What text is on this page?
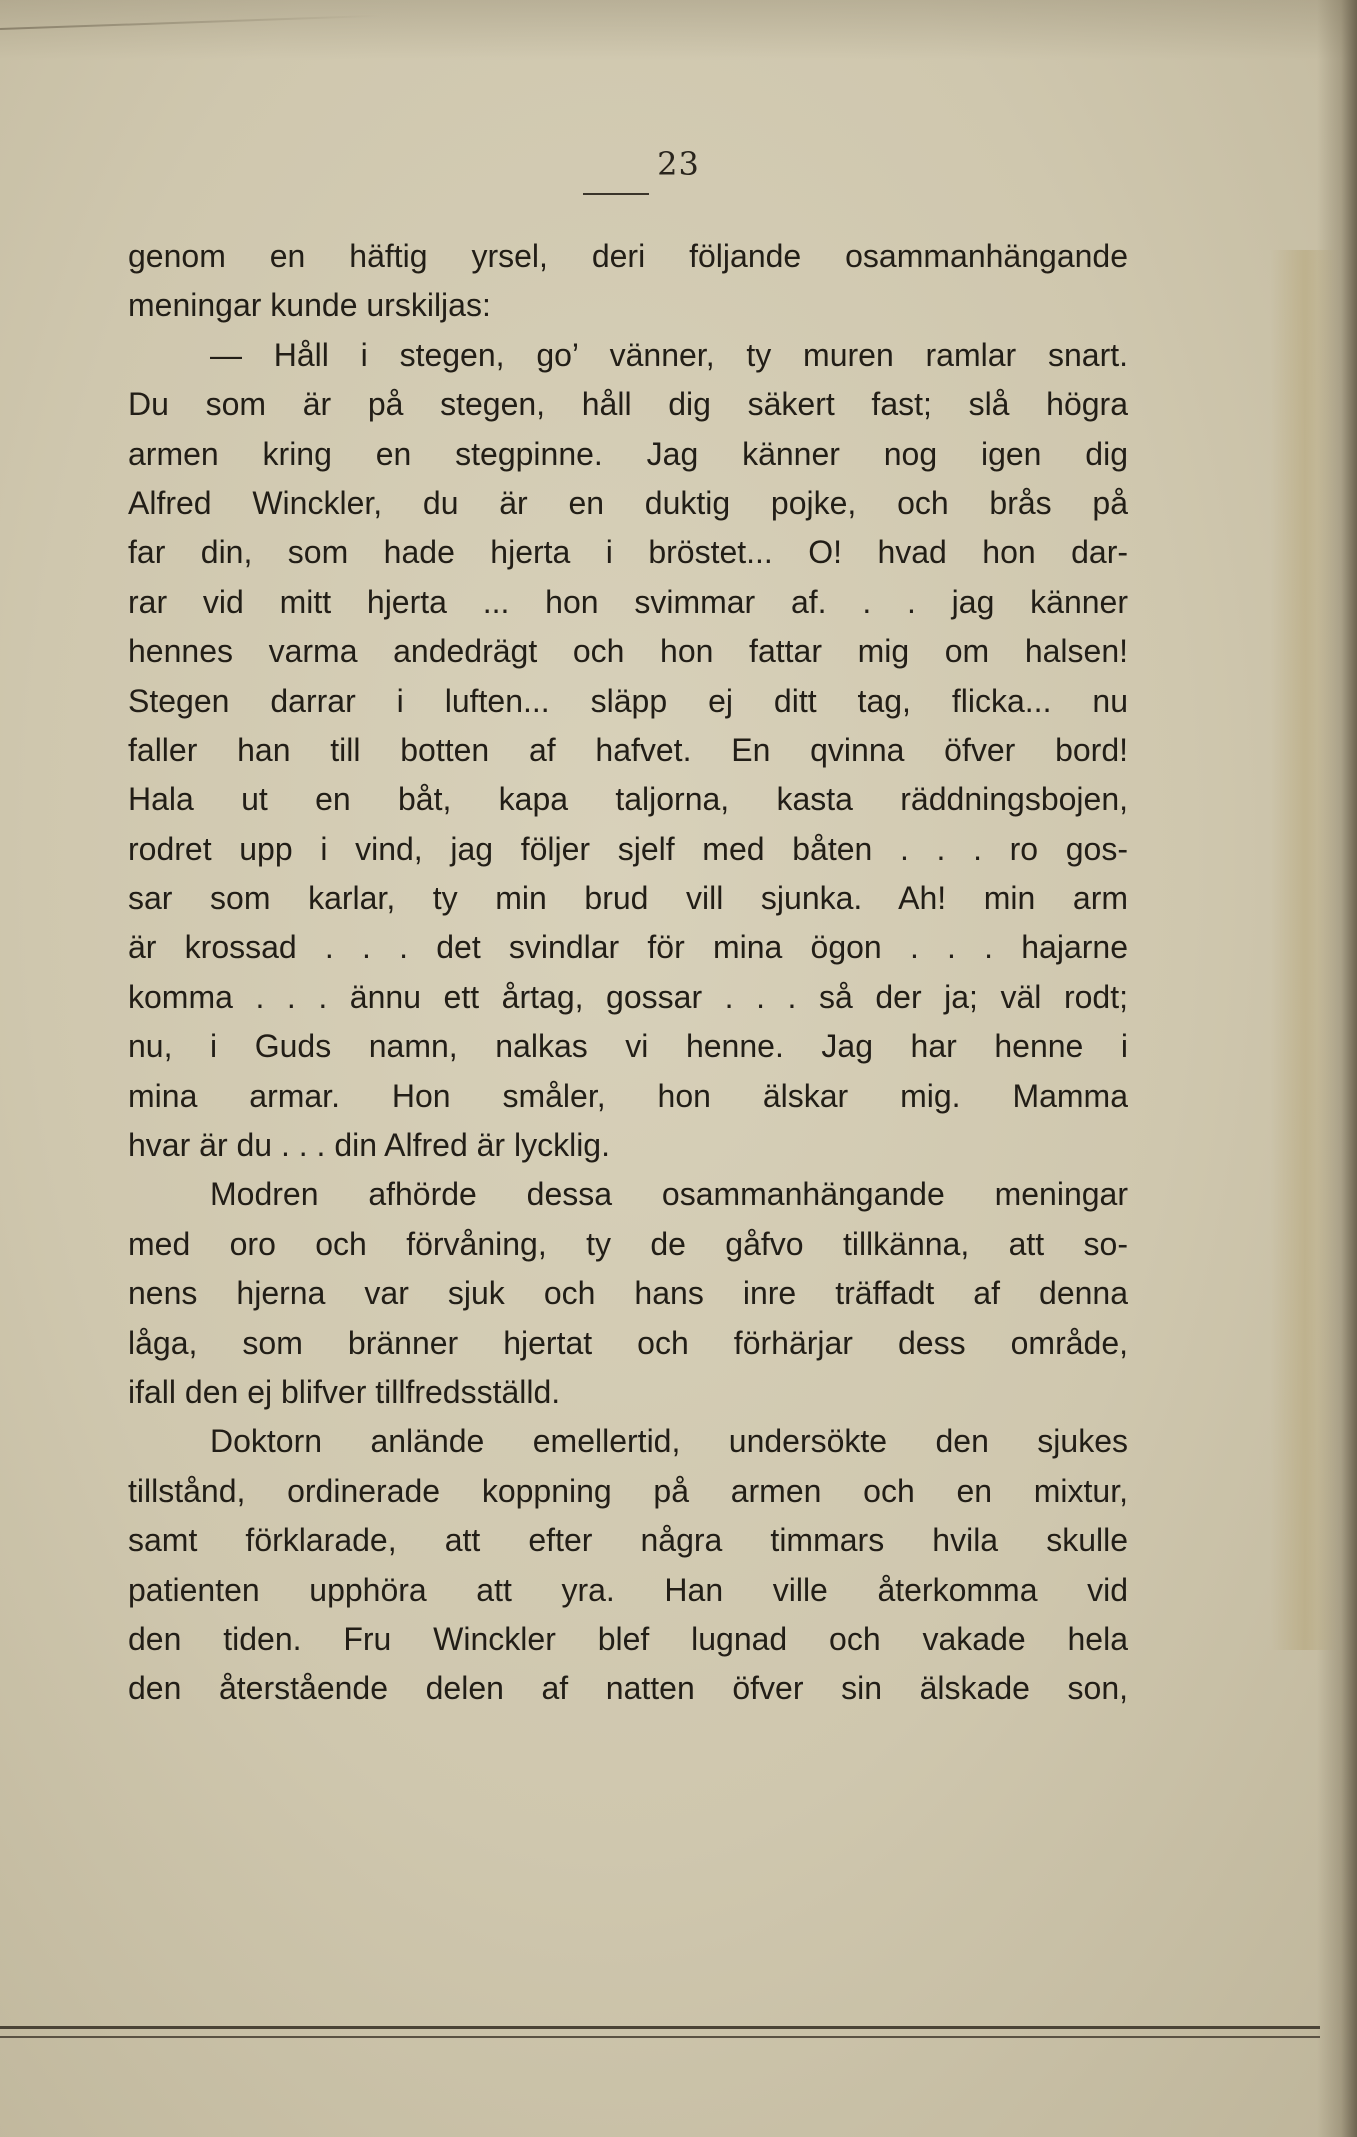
23
genom en häftig yrsel, deri följande osammanhängande
meningar kunde urskiljas:
— Håll i stegen, go’ vänner, ty muren ramlar snart.
Du som är på stegen, håll dig säkert fast; slå högra
armen kring en stegpinne. Jag känner nog igen dig
Alfred Winckler, du är en duktig pojke, och brås på
far din, som hade hjerta i bröstet... O! hvad hon dar-
rar vid mitt hjerta ... hon svimmar af. . . jag känner
hennes varma andedrägt och hon fattar mig om halsen!
Stegen darrar i luften... släpp ej ditt tag, flicka... nu
faller han till botten af hafvet. En qvinna öfver bord!
Hala ut en båt, kapa taljorna, kasta räddningsbojen,
rodret upp i vind, jag följer sjelf med båten . . . ro gos-
sar som karlar, ty min brud vill sjunka. Ah! min arm
är krossad . . . det svindlar för mina ögon . . . hajarne
komma . . . ännu ett årtag, gossar . . . så der ja; väl rodt;
nu, i Guds namn, nalkas vi henne. Jag har henne i
mina armar. Hon småler, hon älskar mig. Mamma
hvar är du . . . din Alfred är lycklig.
Modren afhörde dessa osammanhängande meningar
med oro och förvåning, ty de gåfvo tillkänna, att so-
nens hjerna var sjuk och hans inre träffadt af denna
låga, som bränner hjertat och förhärjar dess område,
ifall den ej blifver tillfredsställd.
Doktorn anlände emellertid, undersökte den sjukes
tillstånd, ordinerade koppning på armen och en mixtur,
samt förklarade, att efter några timmars hvila skulle
patienten upphöra att yra. Han ville återkomma vid
den tiden. Fru Winckler blef lugnad och vakade hela
den återstående delen af natten öfver sin älskade son,
